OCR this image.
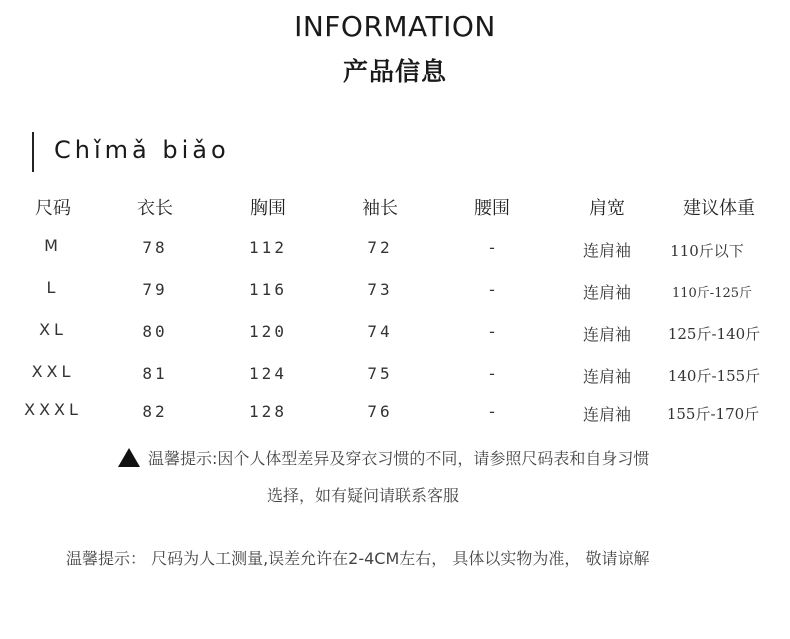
INFORMATION
产品信息
Chǐmǎ biǎo
尺码	衣长	胸围	袖长	腰围	肩宽	建议体重
M	78	112	72	-	连肩袖	110斤以下
L	79	116	73	-	连肩袖	110斤-125斤
XL	80	120	74	-	连肩袖 125斤-140斤
XXL	81	124	75	-	连肩袖 140斤-155斤
XXXL	82	128	76	-	连肩袖 155斤-170斤
温馨提示:因个人体型差异及穿衣习惯的不同，请参照尺码表和自身习惯
选择，如有疑问请联系客服
温馨提示： 尺码为人工测量,误差允许在2-4CM左右， 具体以实物为准， 敬请谅解
